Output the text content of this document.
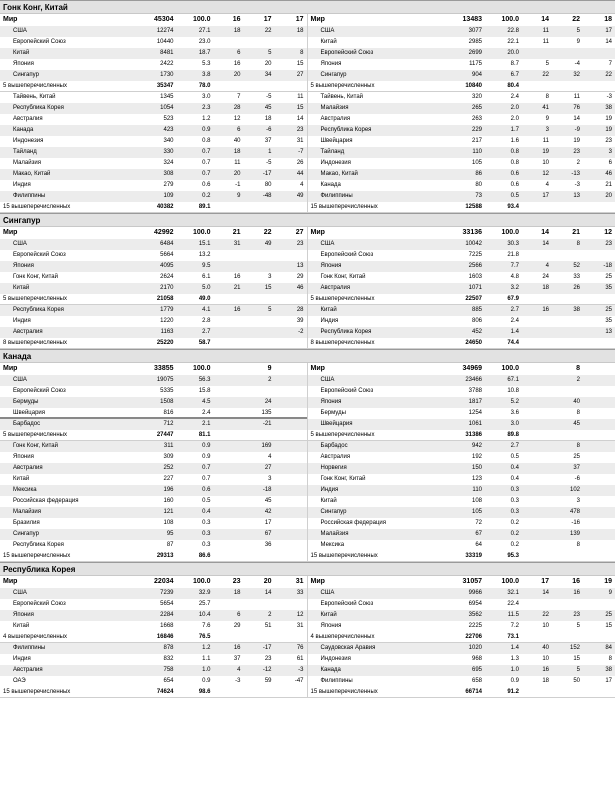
Гонк Конг, Китай
Мир	45304	100.0	16	17	17
США	12274	27.1	18	22	18
Европейский Союз	10440	23.0
Китай	8481	18.7	6	5	8
Япония	2422	5.3	16	20	15
Сингапур	1730	3.8	20	34	27
5 вышеперечисленных	35347	78.0
Тайвень, Китай	1345	3.0	7	-5	11
Республика Корея	1054	2.3	28	45	15
Австралия	523	1.2	12	18	14
Канада	423	0.9	6	-6	23
Индонезия	340	0.8	40	37	31
Тайланд	330	0.7	18	1	-7
Малайзия	324	0.7	11	-5	26
Макао, Китай	308	0.7	20	-17	44
Индия	279	0.6	-1	80	4
Филиппины	109	0.2	9	-48	49
15 вышеперечисленных	40382	89.1
Мир	13483	100.0	14	22	18
США	3077	22.8	11	5	17
Китай	2985	22.1	11	9	14
Европейский Союз	2699	20.0
Япония	1175	8.7	5	-4	7
Сингапур	904	6.7	22	32	22
5 вышеперечисленных	10840	80.4
Тайвень, Китай	320	2.4	8	11	-3
Малайзия	265	2.0	41	76	38
Австралия	263	2.0	9	14	19
Республика Корея	229	1.7	3	-9	19
Швейцария	217	1.6	11	19	23
Тайланд	110	0.8	19	23	3
Индонезия	105	0.8	10	2	6
Макао, Китай	86	0.6	12	-13	46
Канада	80	0.6	4	-3	21
Филиппины	73	0.5	17	13	20
15 вышеперечисленных	12588	93.4
Сингапур
Мир	42992	100.0	21	22	27
США	6484	15.1	31	49	23
Европейский Союз	5664	13.2
Япония	4095	9.5	13
Гонк Конг, Китай	2624	6.1	16	3	29
Китай	2170	5.0	21	15	46
5 вышеперечисленных	21058	49.0
Республика Корея	1779	4.1	16	5	28
Индия	1220	2.8	39
Австралия	1163	2.7	-2
8 вышеперечисленных	25220	58.7
Мир	33136	100.0	14	21	12
США	10042	30.3	14	8	23
Европейский Союз	7225	21.8
Япония	2566	7.7	4	52	-18
Гонк Конг, Китай	1603	4.8	24	33	25
Австралия	1071	3.2	18	26	35
5 вышеперечисленных	22507	67.9
Китай	885	2.7	16	38	25
Индия	806	2.4	35
Республика Корея	452	1.4	13
8 вышеперечисленных	24650	74.4
Канада
Мир	33855	100.0	9
США	19075	56.3	2
Европейский Союз	5335	15.8
Бермуды	1508	4.5	24
Швейцария	816	2.4	135
Барбадос	712	2.1	-21
5 вышеперечисленных	27447	81.1
Гонк Конг, Китай	311	0.9	169
Япония	309	0.9	4
Австралия	252	0.7	27
Китай	227	0.7	3
Мексика	196	0.6	-18
Российская федерация	160	0.5	45
Малайзия	121	0.4	42
Бразилия	108	0.3	17
Сингапур	95	0.3	67
Республика Корея	87	0.3	36
15 вышеперечисленных	29313	86.6
Мир	34969	100.0	8
США	23466	67.1	2
Европейский Союз	3788	10.8
Япония	1817	5.2	40
Бермуды	1254	3.6	8
Швейцария	1061	3.0	45
5 вышеперечисленных	31386	89.8
Барбадос	942	2.7	8
Австралия	192	0.5	25
Норвегия	150	0.4	37
Гонк Конг, Китай	123	0.4	-6
Индия	110	0.3	102
Китай	108	0.3	3
Сингапур	105	0.3	478
Российская федерация	72	0.2	-16
Малайзия	67	0.2	139
Мексика	64	0.2	8
15 вышеперечисленных	33319	95.3
Республика Корея
Мир	22034	100.0	23	20	31
США	7239	32.9	18	14	33
Европейский Союз	5654	25.7
Япония	2284	10.4	6	2	12
Китай	1668	7.6	29	51	31
4 вышеперечисленных	16846	76.5
Филиппины	878	1.2	16	-17	76
Индия	832	1.1	37	23	61
Австралия	758	1.0	4	-12	-3
ОАЭ	654	0.9	-3	59	-47
15 вышеперечисленных	74624	98.6
Мир	31057	100.0	17	16	19
США	9966	32.1	14	16	9
Европейский Союз	6954	22.4
Китай	3562	11.5	22	23	25
Япония	2225	7.2	10	5	15
4 вышеперечисленных	22706	73.1
Саудовская Аравия	1020	1.4	40	152	84
Индонезия	968	1.3	10	15	8
Канада	695	1.0	16	5	38
Филиппины	658	0.9	18	50	17
15 вышеперечисленных	66714	91.2
